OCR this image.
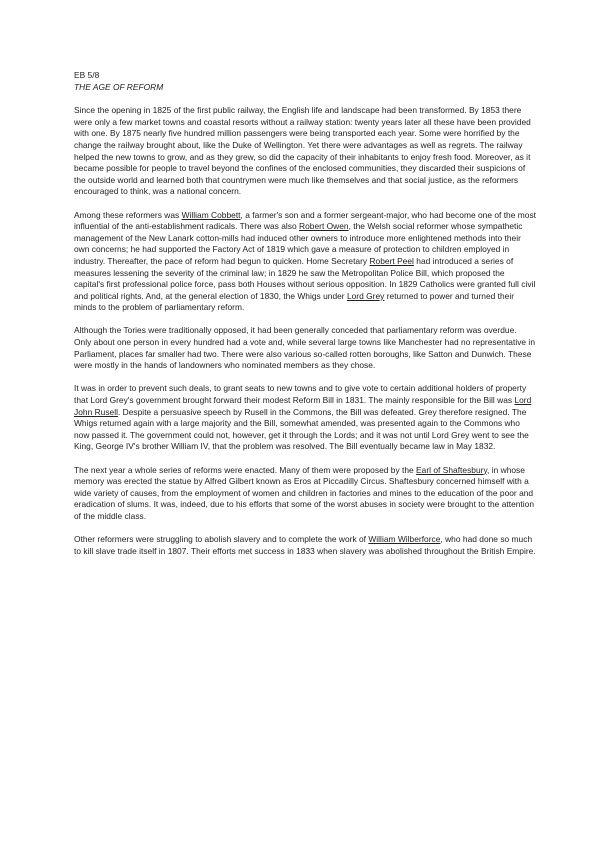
EB 5/8

THE AGE OF REFORM

Since the opening in 1825 of the first public railway, the English life and landscape had been transformed. By 1853 there were only a few market towns and coastal resorts without a railway station: twenty years later all these have been provided with one. By 1875 nearly five hundred million passengers were being transported each year. Some were horrified by the change the railway brought about, like the Duke of Wellington. Yet there were advantages as well as regrets. The railway helped the new towns to grow, and as they grew, so did the capacity of their inhabitants to enjoy fresh food. Moreover, as it became possible for people to travel beyond the confines of the enclosed communities, they discarded their suspicions of the outside world and learned both that countrymen were much like themselves and that social justice, as the reformers encouraged to think, was a national concern.

Among these reformers was William Cobbett, a farmer's son and a former sergeant-major, who had become one of the most influential of the anti-establishment radicals. There was also Robert Owen, the Welsh social reformer whose sympathetic management of the New Lanark cotton-mills had induced other owners to introduce more enlightened methods into their own concerns; he had supported the Factory Act of 1819 which gave a measure of protection to children employed in industry. Thereafter, the pace of reform had begun to quicken. Home Secretary Robert Peel had introduced a series of measures lessening the severity of the criminal law; in 1829 he saw the Metropolitan Police Bill, which proposed the capital's first professional police force, pass both Houses without serious opposition. In 1829 Catholics were granted full civil and political rights. And, at the general election of 1830, the Whigs under Lord Grey returned to power and turned their minds to the problem of parliamentary reform.

Although the Tories were traditionally opposed, it had been generally conceded that parliamentary reform was overdue. Only about one person in every hundred had a vote and, while several large towns like Manchester had no representative in Parliament, places far smaller had two. There were also various so-called rotten boroughs, like Satton and Dunwich. These were mostly in the hands of landowners who nominated members as they chose.

It was in order to prevent such deals, to grant seats to new towns and to give vote to certain additional holders of property that Lord Grey's government brought forward their modest Reform Bill in 1831. The mainly responsible for the Bill was Lord John Rusell. Despite a persuasive speech by Rusell in the Commons, the Bill was defeated. Grey therefore resigned. The Whigs returned again with a large majority and the Bill, somewhat amended, was presented again to the Commons who now passed it. The government could not, however, get it through the Lords; and it was not until Lord Grey went to see the King, George IV's brother William IV, that the problem was resolved. The Bill eventually became law in May 1832.

The next year a whole series of reforms were enacted. Many of them were proposed by the Earl of Shaftesbury, in whose memory was erected the statue by Alfred Gilbert known as Eros at Piccadilly Circus. Shaftesbury concerned himself with a wide variety of causes, from the employment of women and children in factories and mines to the education of the poor and eradication of slums. It was, indeed, due to his efforts that some of the worst abuses in society were brought to the attention of the middle class.

Other reformers were struggling to abolish slavery and to complete the work of William Wilberforce, who had done so much to kill slave trade itself in 1807. Their efforts met success in 1833 when slavery was abolished throughout the British Empire.
